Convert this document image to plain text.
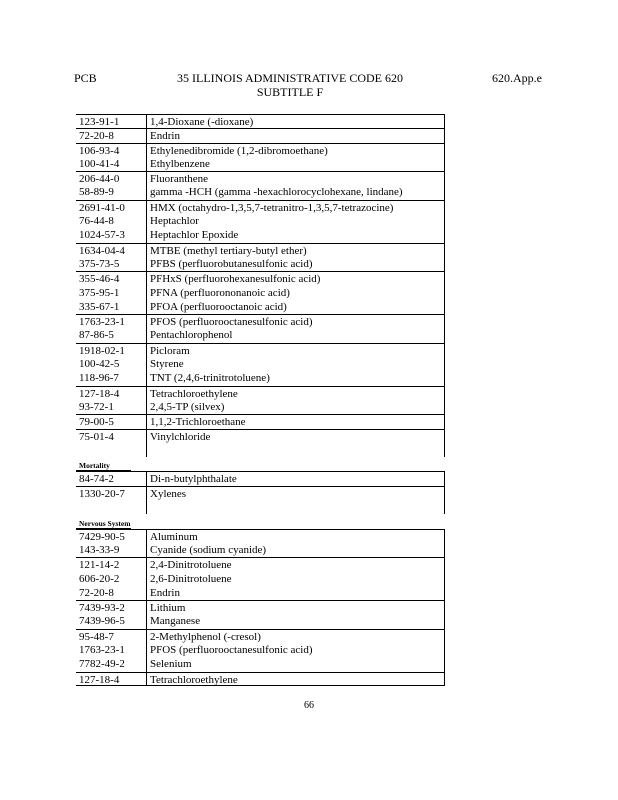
PCB	35 ILLINOIS ADMINISTRATIVE CODE 620
SUBTITLE F
620.App.e
123-91-1	1,4-Dioxane (-dioxane)
72-20-8	Endrin
106-93-4	Ethylenedibromide (1,2-dibromoethane)
100-41-4	Ethylbenzene
206-44-0	Fluoranthene
58-89-9	gamma -HCH (gamma -hexachlorocyclohexane, lindane)
2691-41-0	HMX (octahydro-1,3,5,7-tetranitro-1,3,5,7-tetrazocine)
76-44-8	Heptachlor
1024-57-3	Heptachlor Epoxide
1634-04-4	MTBE (methyl tertiary-butyl ether)
375-73-5	PFBS (perfluorobutanesulfonic acid)
355-46-4	PFHxS (perfluorohexanesulfonic acid)
375-95-1	PFNA (perfluorononanoic acid)
335-67-1	PFOA (perfluorooctanoic acid)
1763-23-1	PFOS (perfluorooctanesulfonic acid)
87-86-5	Pentachlorophenol
1918-02-1	Picloram
100-42-5	Styrene
118-96-7	TNT (2,4,6-trinitrotoluene)
127-18-4	Tetrachloroethylene
93-72-1	2,4,5-TP (silvex)
79-00-5	1,1,2-Trichloroethane
75-01-4	Vinylchloride
Mortality
84-74-2	Di-n-butylphthalate
1330-20-7	Xylenes
Nervous System
7429-90-5	Aluminum
143-33-9	Cyanide (sodium cyanide)
121-14-2	2,4-Dinitrotoluene
606-20-2	2,6-Dinitrotoluene
72-20-8	Endrin
7439-93-2	Lithium
7439-96-5	Manganese
95-48-7	2-Methylphenol (-cresol)
1763-23-1	PFOS (perfluorooctanesulfonic acid)
7782-49-2	Selenium
127-18-4	Tetrachloroethylene
66
